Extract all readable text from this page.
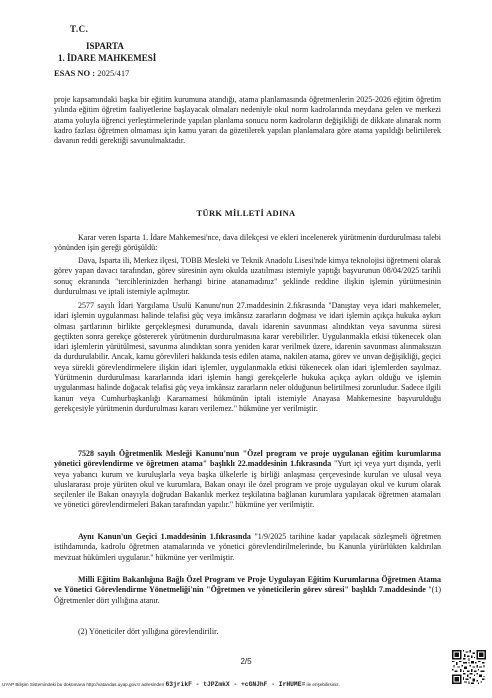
T.C.
ISPARTA
1. İDARE MAHKEMESİ
ESAS NO : 2025/417

proje kapsamındaki başka bir eğitim kurumuna atandığı, atama planlamasında öğretmenlerin 2025-2026 eğitim öğretim yılında eğitim öğretim faaliyetlerine başlayacak olmaları nedeniyle okul norm kadrolarında meydana gelen ve merkezi atama yoluyla öğrenci yerleştirmelerinde yapılan planlama sonucu norm kadroların değişikliği de dikkate alınarak norm kadro fazlası öğretmen olmaması için kamu yararı da gözetilerek yapılan planlamalara göre atama yapıldığı belirtilerek davanın reddi gerektiği savunulmaktadır.

TÜRK MİLLETİ ADINA

Karar veren Isparta 1. İdare Mahkemesi'nce, dava dilekçesi ve ekleri incelenerek yürütmenin durdurulması talebi yönünden işin gereği görüşüldü:

Dava, Isparta ili, Merkez ilçesi, TOBB Mesleki ve Teknik Anadolu Lisesi'nde kimya teknolojisi öğretmeni olarak görev yapan davacı tarafından, görev süresinin aynı okulda uzatılması istemiyle yaptığı başvurunun 08/04/2025 tarihli sonuç ekranında "tercihlerinizden herhangi birine atanamadınız" şeklinde reddine ilişkin işlemin yürütmesinin durdurulması ve iptali istemiyle açılmıştır.

2577 sayılı İdari Yargılama Usulü Kanunu'nun 27.maddesinin 2.fıkrasında "Danıştay veya idari mahkemeler, idari işlemin uygulanması halinde telafisi güç veya imkânsız zararların doğması ve idari işlemin açıkça hukuka aykırı olması şartlarının birlikte gerçekleşmesi durumunda, davalı idarenin savunması alındıktan veya savunma süresi geçtikten sonra gerekçe göstererek yürütmenin durdurulmasına karar verebilirler. Uygulanmakla etkisi tükenecek olan idari işlemlerin yürütülmesi, savunma alındıktan sonra yeniden karar verilmek üzere, idarenin savunması alınmaksızın da durdurulabilir. Ancak, kamu görevlileri hakkında tesis edilen atama, nakilen atama, görev ve unvan değişikliği, geçici veya sürekli görevlendirmelere ilişkin idari işlemler, uygulanmakla etkisi tükenecek olan idari işlemlerden sayılmaz. Yürütmenin durdurulması kararlarında idari işlemin hangi gerekçelerle hukuka açıkça aykırı olduğu ve işlemin uygulanması halinde doğacak telafisi güç veya imkânsız zararların neler olduğunun belirtilmesi zorunludur. Sadece ilgili kanun veya Cumhurbaşkanlığı Kararnamesi hükmünün iptali istemiyle Anayasa Mahkemesine başvurulduğu gerekçesiyle yürütmenin durdurulması kararı verilemez." hükmüne yer verilmiştir.

7528 sayılı Öğretmenlik Mesleği Kanunu'nun "Özel program ve proje uygulanan eğitim kurumlarına yönetici görevlendirme ve öğretmen atama" başlıklı 22.maddesinin 1.fıkrasında "Yurt içi veya yurt dışında, yerli veya yabancı kurum ve kuruluşlarla veya başka ülkelerle iş birliği anlaşması çerçevesinde kurulan ve ulusal veya uluslararası proje yürüten okul ve kurumlara, Bakan onayı ile özel program ve proje uygulayan okul ve kurum olarak seçilenler ile Bakan onayıyla doğrudan Bakanlık merkez teşkilatına bağlanan kurumlara yapılacak öğretmen atamaları ve yönetici görevlendirmeleri Bakan tarafından yapılır." hükmüne yer verilmiştir.

Aynı Kanun'un Geçici 1.maddesinin 1.fıkrasında "1/9/2025 tarihine kadar yapılacak sözleşmeli öğretmen istihdamında, kadrolu öğretmen atamalarında ve yönetici görevlendirilmelerinde, bu Kanunla yürürlükten kaldırılan mevzuat hükümleri uygulanır." hükmüne yer verilmiştir.

Milli Eğitim Bakanlığına Bağlı Özel Program ve Proje Uygulayan Eğitim Kurumlarına Öğretmen Atama ve Yönetici Görevlendirme Yönetmeliği'nin "Öğretmen ve yöneticilerin görev süresi" başlıklı 7.maddesinde "(1) Öğretmenler dört yıllığına atanır.

(2) Yöneticiler dört yıllığına görevlendirilir.

2/5
UYAP Bilişim Sistemindeki bu dokümana http://vatandas.uyap.gov.tr adresinden 63jrikF - tJPZmkX - +cGNJhF - IrHUME= ile erişebilirsiniz.
